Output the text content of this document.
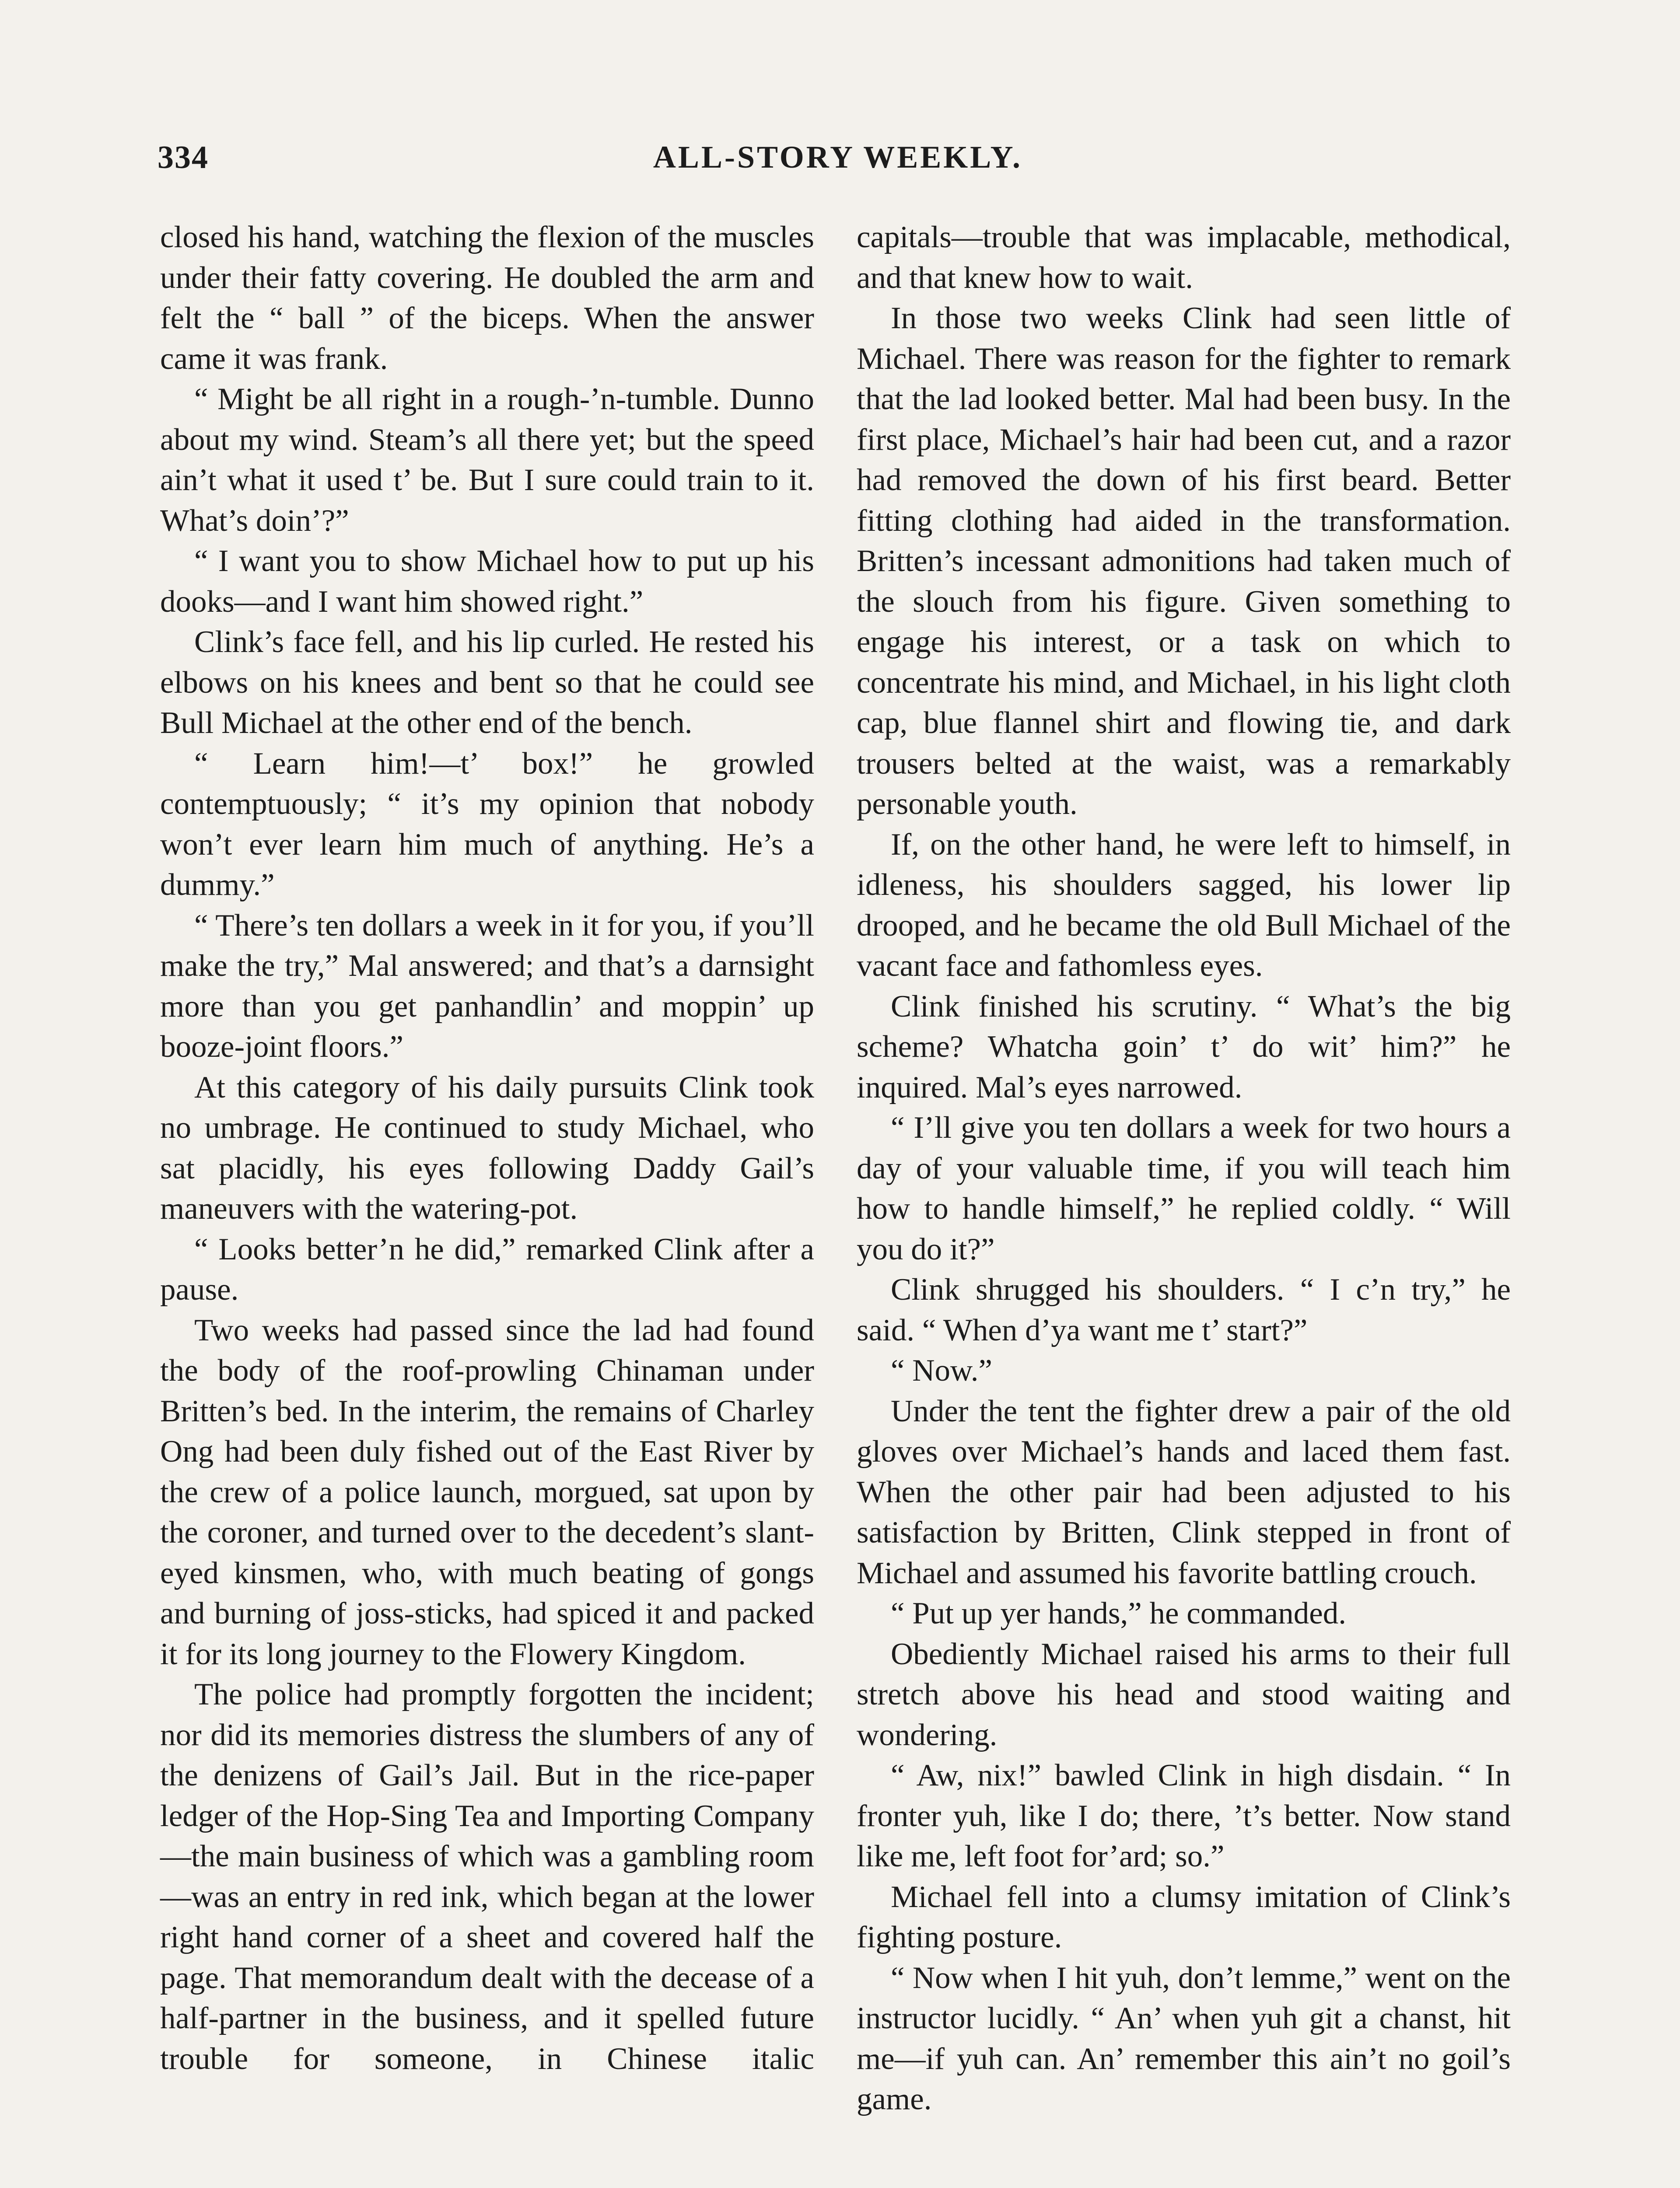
334	ALL-STORY WEEKLY.

closed his hand, watching the flexion of the muscles under their fatty covering. He doubled the arm and felt the “ ball ” of the biceps. When the answer came it was frank.

“ Might be all right in a rough-’n-tumble. Dunno about my wind. Steam’s all there yet; but the speed ain’t what it used t’ be. But I sure could train to it. What’s doin’?”

“ I want you to show Michael how to put up his dooks—and I want him showed right.”

Clink’s face fell, and his lip curled. He rested his elbows on his knees and bent so that he could see Bull Michael at the other end of the bench.

“ Learn him!—t’ box!” he growled contemptuously; “ it’s my opinion that nobody won’t ever learn him much of anything. He’s a dummy.”

“ There’s ten dollars a week in it for you, if you’ll make the try,” Mal answered; and that’s a darnsight more than you get panhandlin’ and moppin’ up booze-joint floors.”

At this category of his daily pursuits Clink took no umbrage. He continued to study Michael, who sat placidly, his eyes following Daddy Gail’s maneuvers with the watering-pot.

“ Looks better’n he did,” remarked Clink after a pause.

Two weeks had passed since the lad had found the body of the roof-prowling Chinaman under Britten’s bed. In the interim, the remains of Charley Ong had been duly fished out of the East River by the crew of a police launch, morgued, sat upon by the coroner, and turned over to the decedent’s slant-eyed kinsmen, who, with much beating of gongs and burning of joss-sticks, had spiced it and packed it for its long journey to the Flowery Kingdom.

The police had promptly forgotten the incident; nor did its memories distress the slumbers of any of the denizens of Gail’s Jail. But in the rice-paper ledger of the Hop-Sing Tea and Importing Company—the main business of which was a gambling room—was an entry in red ink, which began at the lower right hand corner of a sheet and covered half the page. That memorandum dealt with the decease of a half-partner in the business, and it spelled future trouble for someone, in Chinese italic

capitals—trouble that was implacable, methodical, and that knew how to wait.

In those two weeks Clink had seen little of Michael. There was reason for the fighter to remark that the lad looked better. Mal had been busy. In the first place, Michael’s hair had been cut, and a razor had removed the down of his first beard. Better fitting clothing had aided in the transformation. Britten’s incessant admonitions had taken much of the slouch from his figure. Given something to engage his interest, or a task on which to concentrate his mind, and Michael, in his light cloth cap, blue flannel shirt and flowing tie, and dark trousers belted at the waist, was a remarkably personable youth.

If, on the other hand, he were left to himself, in idleness, his shoulders sagged, his lower lip drooped, and he became the old Bull Michael of the vacant face and fathomless eyes.

Clink finished his scrutiny. “ What’s the big scheme? Whatcha goin’ t’ do wit’ him?” he inquired. Mal’s eyes narrowed.

“ I’ll give you ten dollars a week for two hours a day of your valuable time, if you will teach him how to handle himself,” he replied coldly. “ Will you do it?”

Clink shrugged his shoulders. “ I c’n try,” he said. “ When d’ya want me t’ start?”

“ Now.”

Under the tent the fighter drew a pair of the old gloves over Michael’s hands and laced them fast. When the other pair had been adjusted to his satisfaction by Britten, Clink stepped in front of Michael and assumed his favorite battling crouch.

“ Put up yer hands,” he commanded.

Obediently Michael raised his arms to their full stretch above his head and stood waiting and wondering.

“ Aw, nix!” bawled Clink in high disdain. “ In fronter yuh, like I do; there, ’t’s better. Now stand like me, left foot for’ard; so.”

Michael fell into a clumsy imitation of Clink’s fighting posture.

“ Now when I hit yuh, don’t lemme,” went on the instructor lucidly. “ An’ when yuh git a chanst, hit me—if yuh can. An’ remember this ain’t no goil’s game.
